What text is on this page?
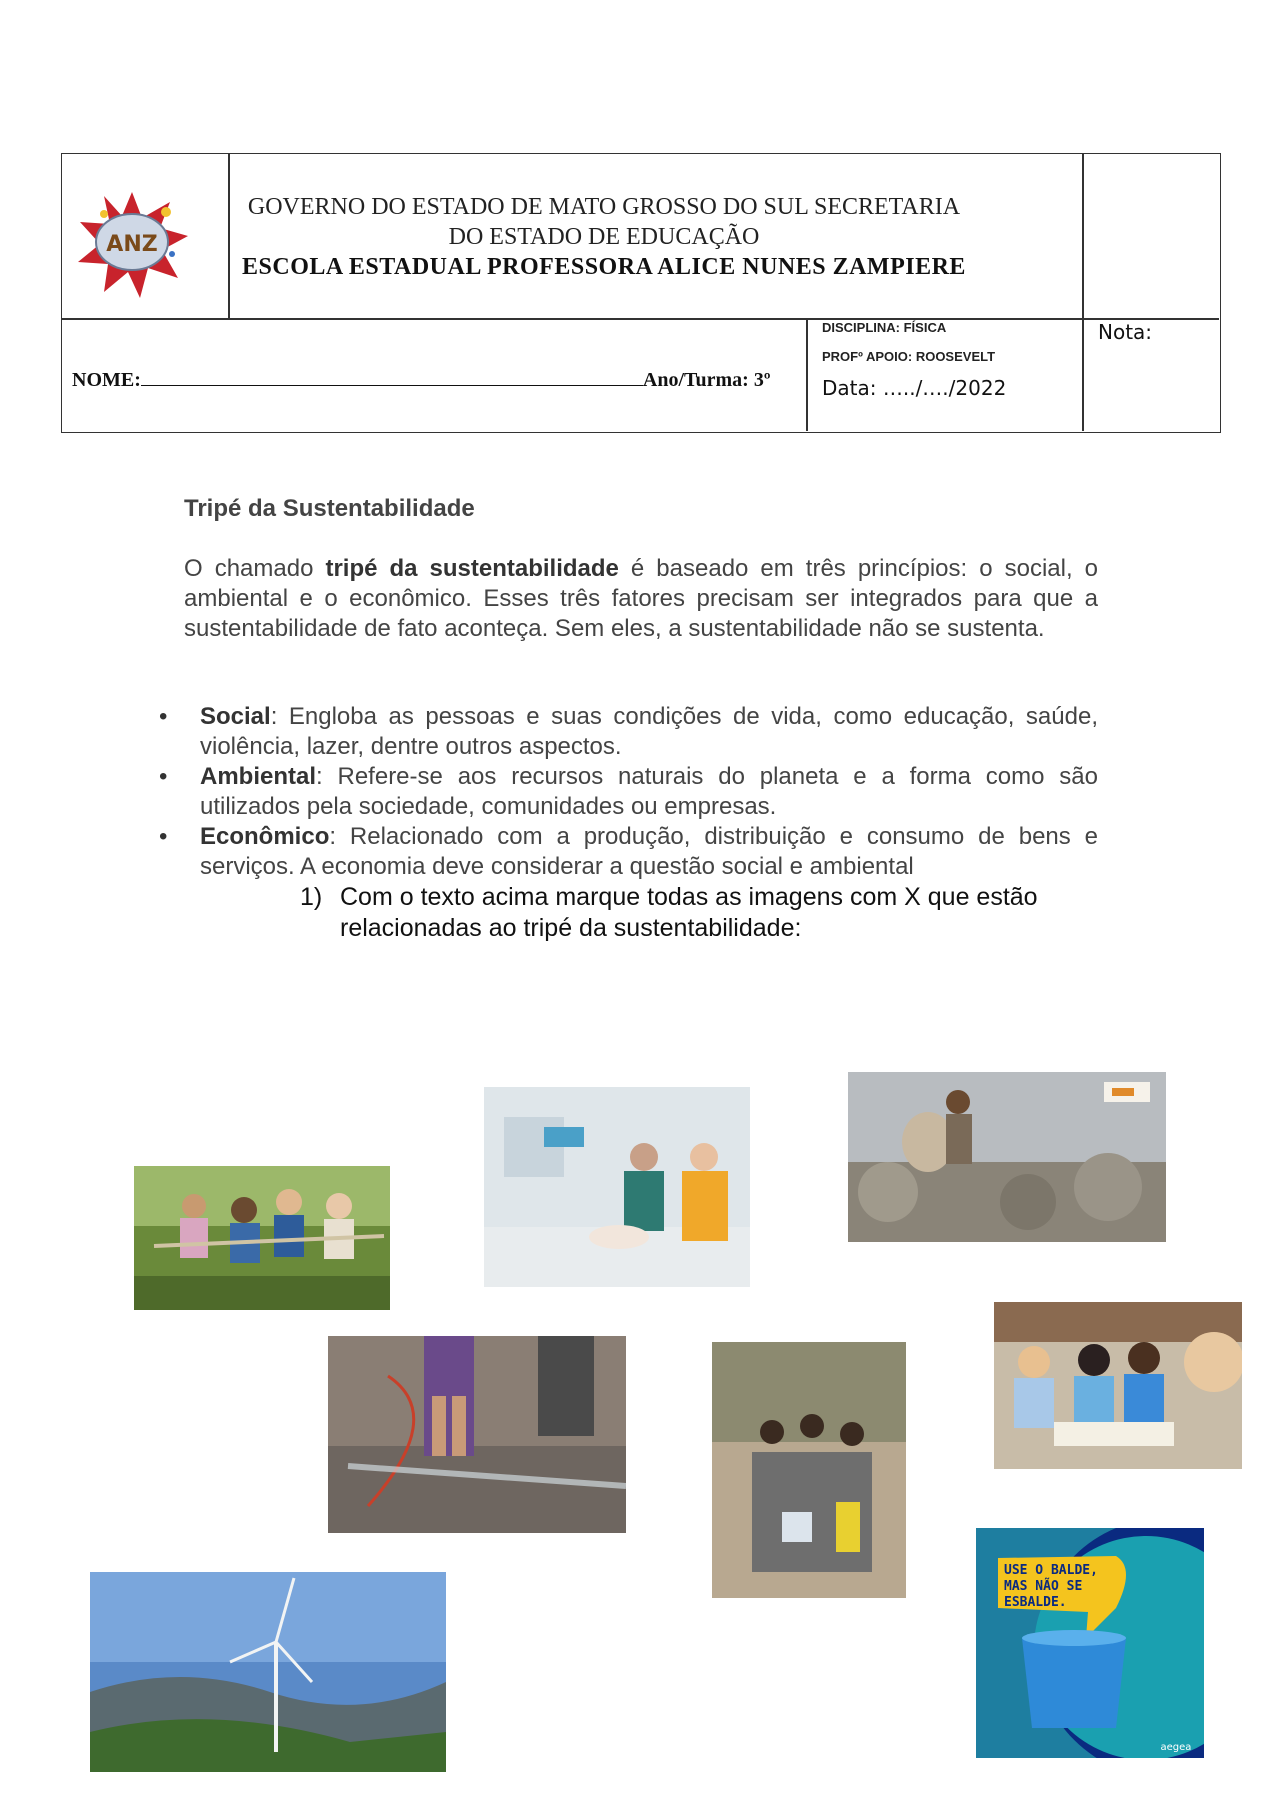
ANZ
GOVERNO DO ESTADO DE MATO GROSSO DO SUL SECRETARIA
DO ESTADO DE EDUCAÇÃO
ESCOLA ESTADUAL PROFESSORA ALICE NUNES ZAMPIERE
NOME:	Ano/Turma: 3º
DISCIPLINA: FÍSICA
PROFº APOIO: ROOSEVELT
Data: …../…./2022
Nota:
Tripé da Sustentabilidade
O chamado tripé da sustentabilidade é baseado em três princípios: o social, o ambiental e o econômico. Esses três fatores precisam ser integrados para que a sustentabilidade de fato aconteça. Sem eles, a sustentabilidade não se sustenta.
• Social: Engloba as pessoas e suas condições de vida, como educação, saúde, violência, lazer, dentre outros aspectos.
• Ambiental: Refere-se aos recursos naturais do planeta e a forma como são utilizados pela sociedade, comunidades ou empresas.
• Econômico: Relacionado com a produção, distribuição e consumo de bens e serviços. A economia deve considerar a questão social e ambiental
1) Com o texto acima marque todas as imagens com X que estão relacionadas ao tripé da sustentabilidade:
USE O BALDE,
MAS NÃO SE
ESBALDE.
aegea
